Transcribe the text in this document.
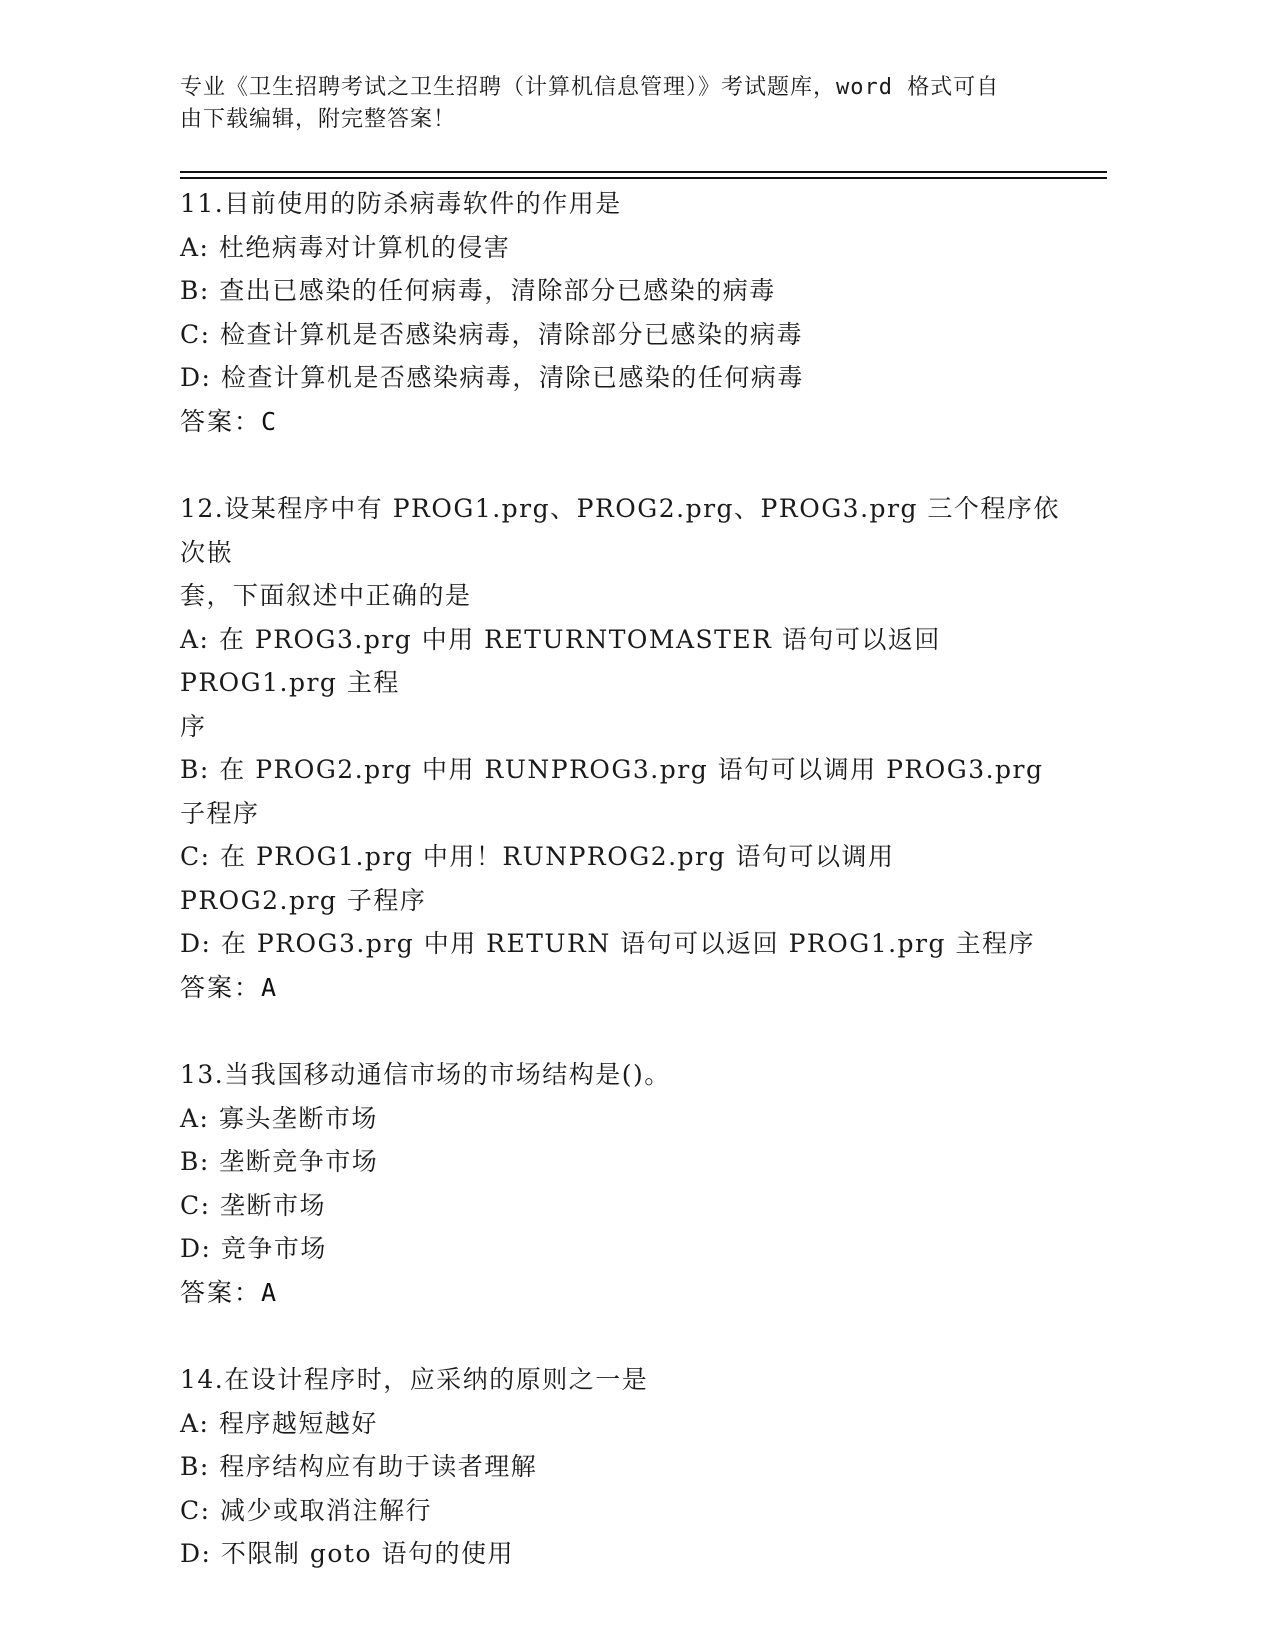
专业《卫生招聘考试之卫生招聘（计算机信息管理）》考试题库，word 格式可自
由下载编辑，附完整答案！
11.目前使用的防杀病毒软件的作用是
A: 杜绝病毒对计算机的侵害
B: 查出已感染的任何病毒，清除部分已感染的病毒
C: 检查计算机是否感染病毒，清除部分已感染的病毒
D: 检查计算机是否感染病毒，清除已感染的任何病毒
答案：C
12.设某程序中有 PROG1.prg、PROG2.prg、PROG3.prg 三个程序依次嵌
套，下面叙述中正确的是
A: 在 PROG3.prg 中用 RETURNTOMASTER 语句可以返回 PROG1.prg 主程
序
B: 在 PROG2.prg 中用 RUNPROG3.prg 语句可以调用 PROG3.prg 子程序
C: 在 PROG1.prg 中用！RUNPROG2.prg 语句可以调用 PROG2.prg 子程序
D: 在 PROG3.prg 中用 RETURN 语句可以返回 PROG1.prg 主程序
答案：A
13.当我国移动通信市场的市场结构是()。
A: 寡头垄断市场
B: 垄断竞争市场
C: 垄断市场
D: 竞争市场
答案：A
14.在设计程序时，应采纳的原则之一是
A: 程序越短越好
B: 程序结构应有助于读者理解
C: 减少或取消注解行
D: 不限制 goto 语句的使用
